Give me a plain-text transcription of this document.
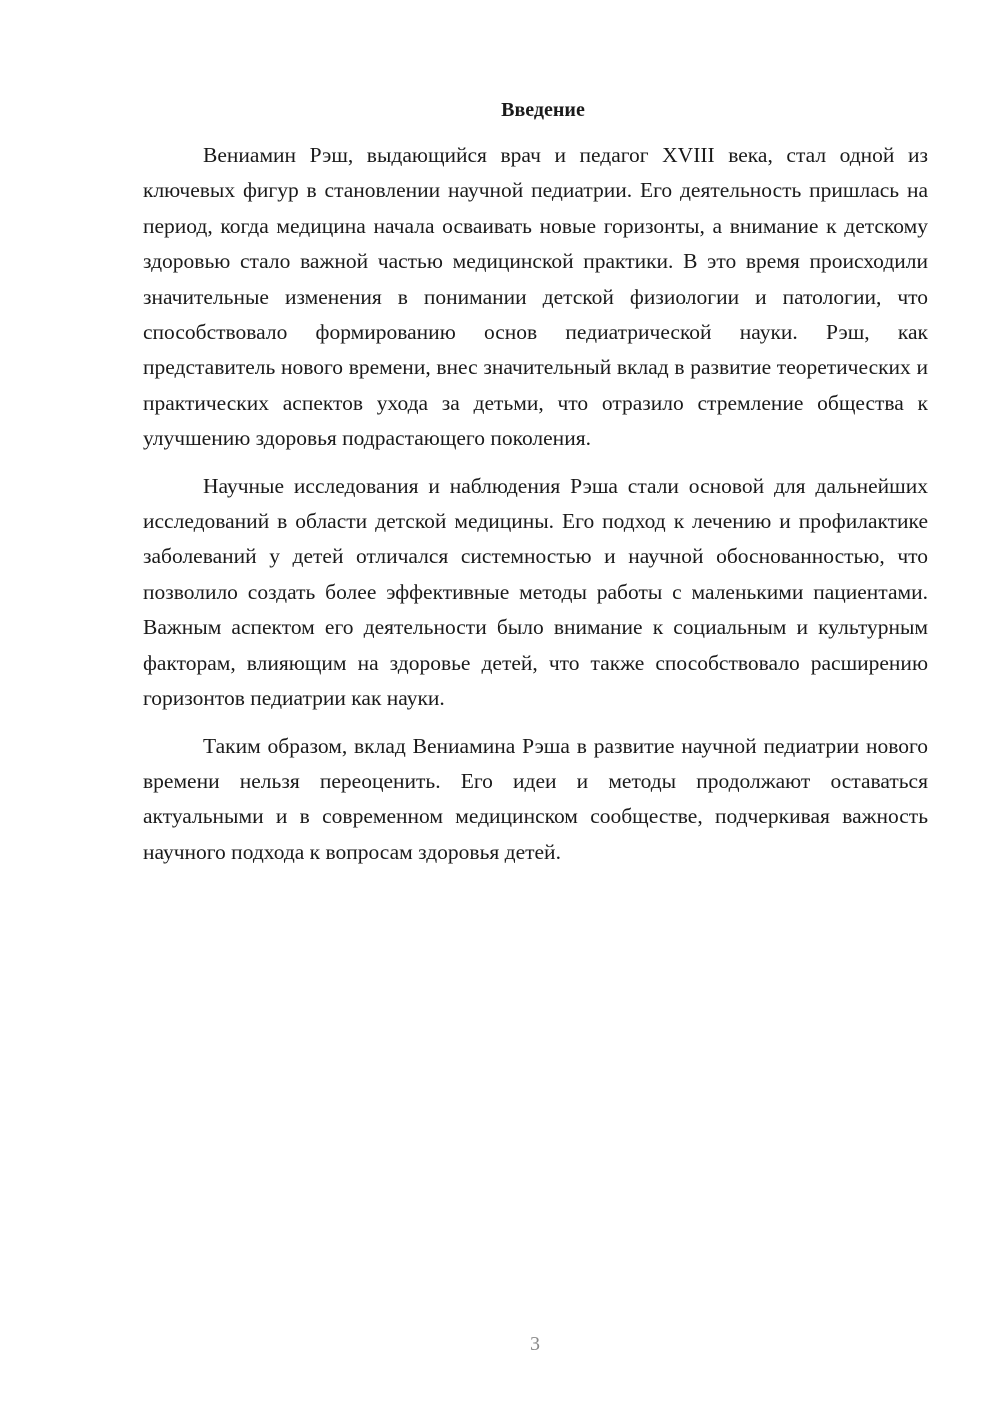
Введение

Вениамин Рэш, выдающийся врач и педагог XVIII века, стал одной из ключевых фигур в становлении научной педиатрии. Его деятельность пришлась на период, когда медицина начала осваивать новые горизонты, а внимание к детскому здоровью стало важной частью медицинской практики. В это время происходили значительные изменения в понимании детской физиологии и патологии, что способствовало формированию основ педиатрической науки. Рэш, как представитель нового времени, внес значительный вклад в развитие теоретических и практических аспектов ухода за детьми, что отразило стремление общества к улучшению здоровья подрастающего поколения.

Научные исследования и наблюдения Рэша стали основой для дальнейших исследований в области детской медицины. Его подход к лечению и профилактике заболеваний у детей отличался системностью и научной обоснованностью, что позволило создать более эффективные методы работы с маленькими пациентами. Важным аспектом его деятельности было внимание к социальным и культурным факторам, влияющим на здоровье детей, что также способствовало расширению горизонтов педиатрии как науки.

Таким образом, вклад Вениамина Рэша в развитие научной педиатрии нового времени нельзя переоценить. Его идеи и методы продолжают оставаться актуальными и в современном медицинском сообществе, подчеркивая важность научного подхода к вопросам здоровья детей.

3
